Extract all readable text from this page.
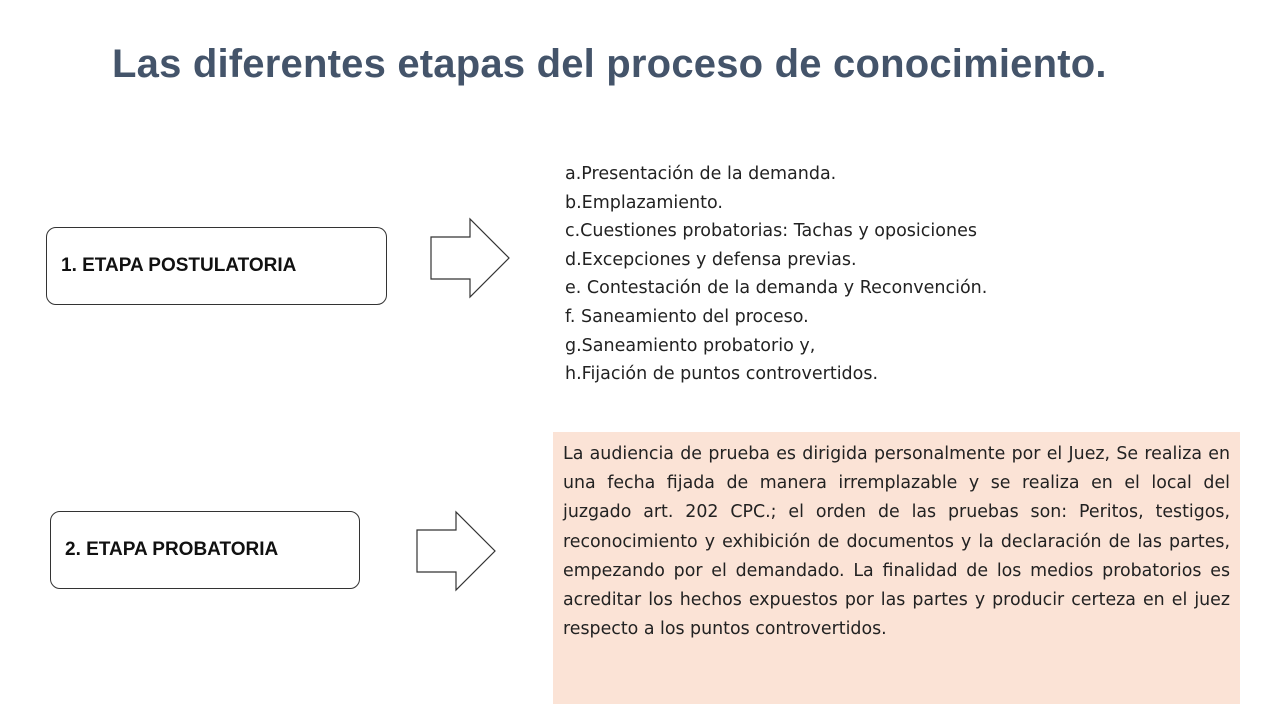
Las diferentes etapas del proceso de conocimiento.
1. ETAPA POSTULATORIA
a.Presentación de la demanda.
b.Emplazamiento.
c.Cuestiones probatorias: Tachas y oposiciones
d.Excepciones y defensa previas.
e. Contestación de la demanda y Reconvención.
f. Saneamiento del proceso.
g.Saneamiento probatorio y,
h.Fijación de puntos controvertidos.
2. ETAPA PROBATORIA

La audiencia de prueba es dirigida personalmente por el Juez, Se realiza en una fecha fijada de manera irremplazable y se realiza en el local del juzgado art. 202 CPC.; el orden de las pruebas son: Peritos, testigos, reconocimiento y exhibición de documentos y la declaración de las partes, empezando por el demandado. La finalidad de los medios probatorios es acreditar los hechos expuestos por las partes y producir certeza en el juez respecto a los puntos controvertidos.
